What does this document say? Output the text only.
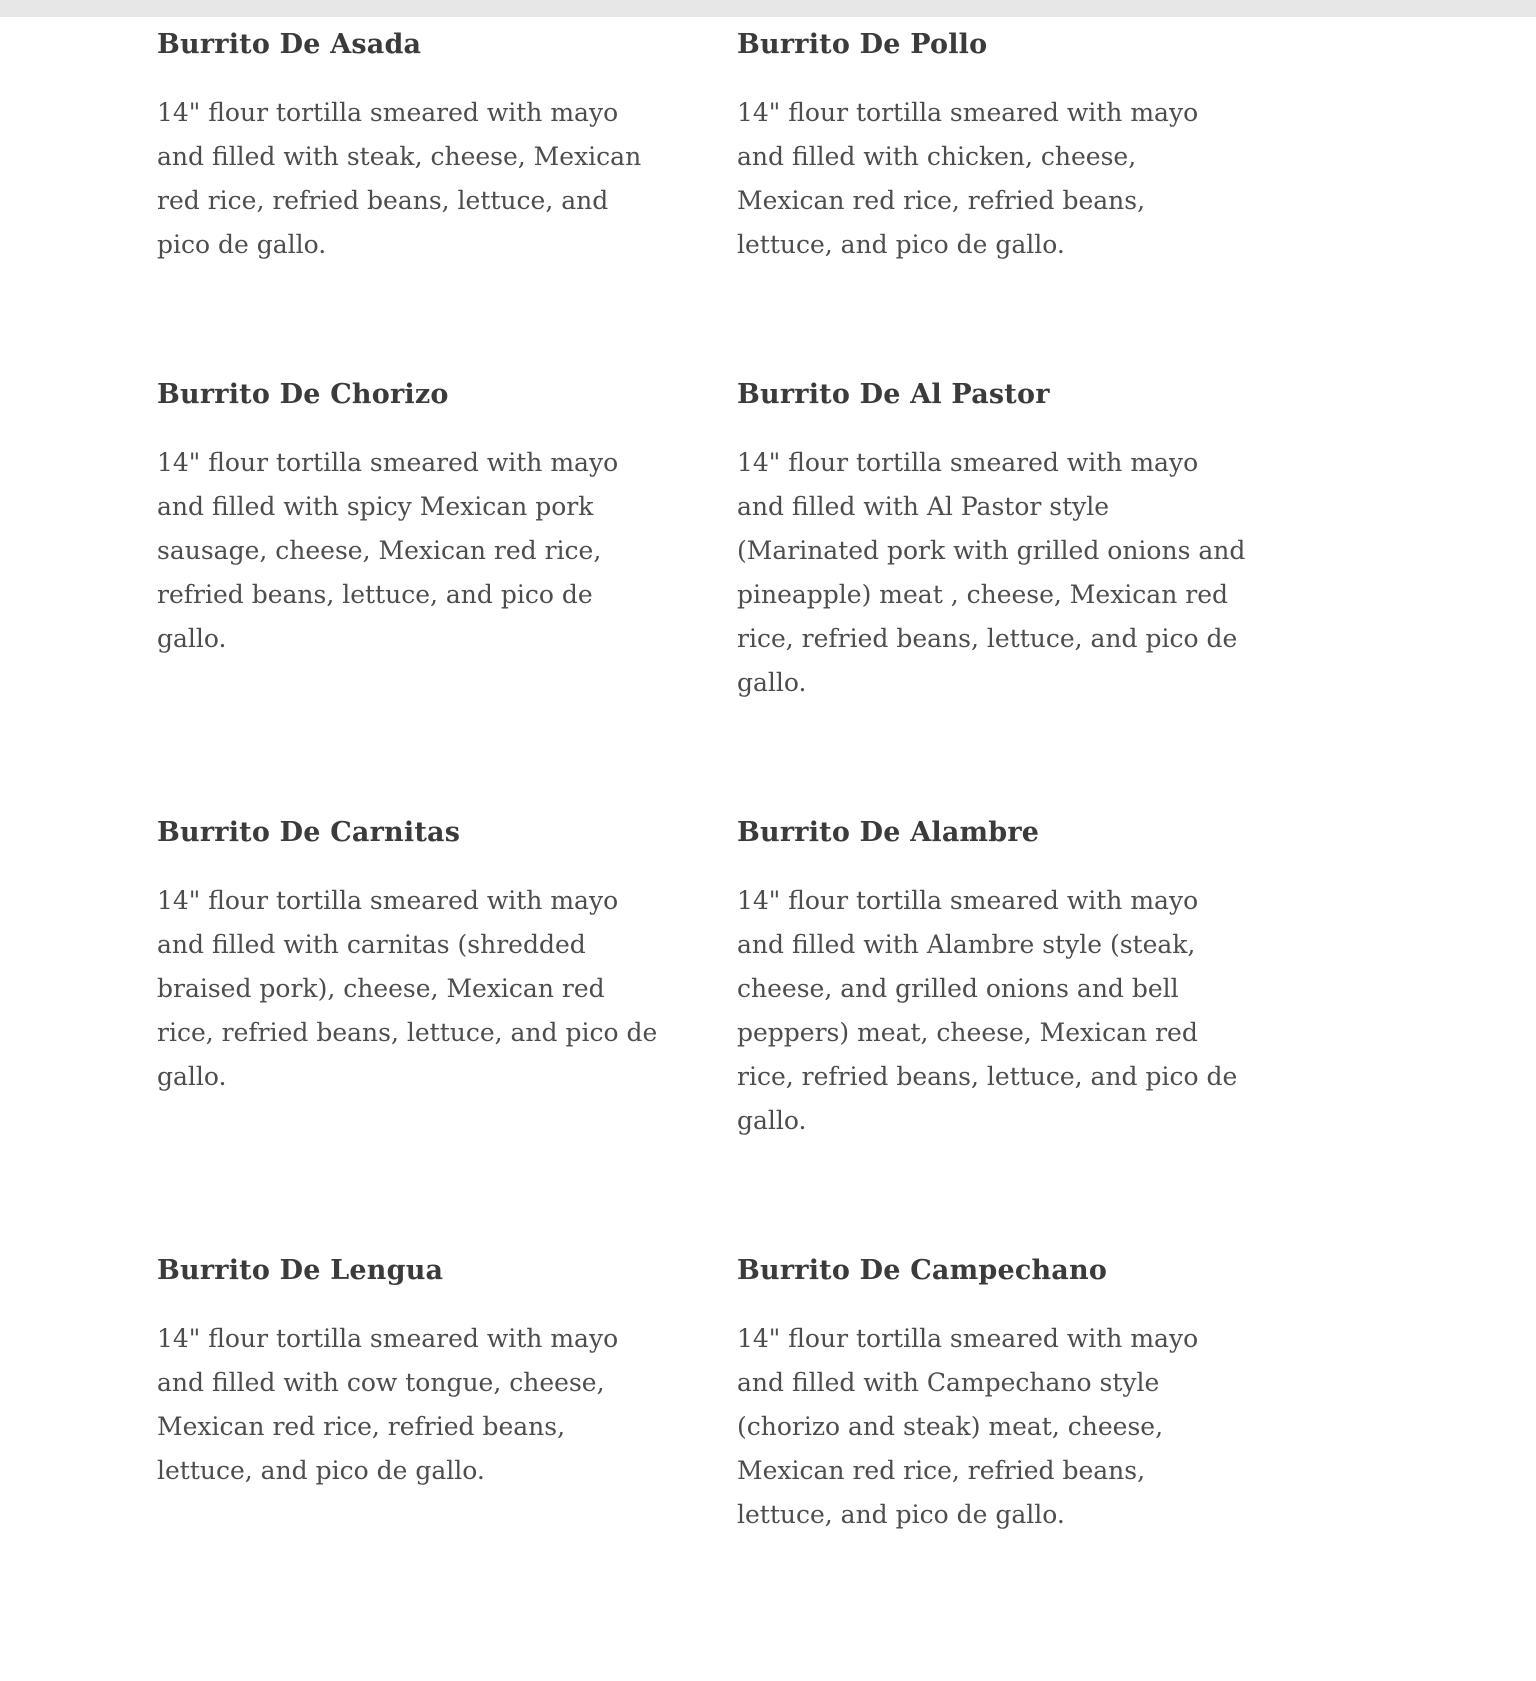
Burrito De Asada

14" flour tortilla smeared with mayo and filled with steak, cheese, Mexican red rice, refried beans, lettuce, and pico de gallo.

Burrito De Pollo

14" flour tortilla smeared with mayo and filled with chicken, cheese, Mexican red rice, refried beans, lettuce, and pico de gallo.

Burrito De Chorizo

14" flour tortilla smeared with mayo and filled with spicy Mexican pork sausage, cheese, Mexican red rice, refried beans, lettuce, and pico de gallo.

Burrito De Al Pastor

14" flour tortilla smeared with mayo and filled with Al Pastor style (Marinated pork with grilled onions and pineapple) meat , cheese, Mexican red rice, refried beans, lettuce, and pico de gallo.

Burrito De Carnitas

14" flour tortilla smeared with mayo and filled with carnitas (shredded braised pork), cheese, Mexican red rice, refried beans, lettuce, and pico de gallo.

Burrito De Alambre

14" flour tortilla smeared with mayo and filled with Alambre style (steak, cheese, and grilled onions and bell peppers) meat, cheese, Mexican red rice, refried beans, lettuce, and pico de gallo.

Burrito De Lengua

14" flour tortilla smeared with mayo and filled with cow tongue, cheese, Mexican red rice, refried beans, lettuce, and pico de gallo.

Burrito De Campechano

14" flour tortilla smeared with mayo and filled with Campechano style (chorizo and steak) meat, cheese, Mexican red rice, refried beans, lettuce, and pico de gallo.
